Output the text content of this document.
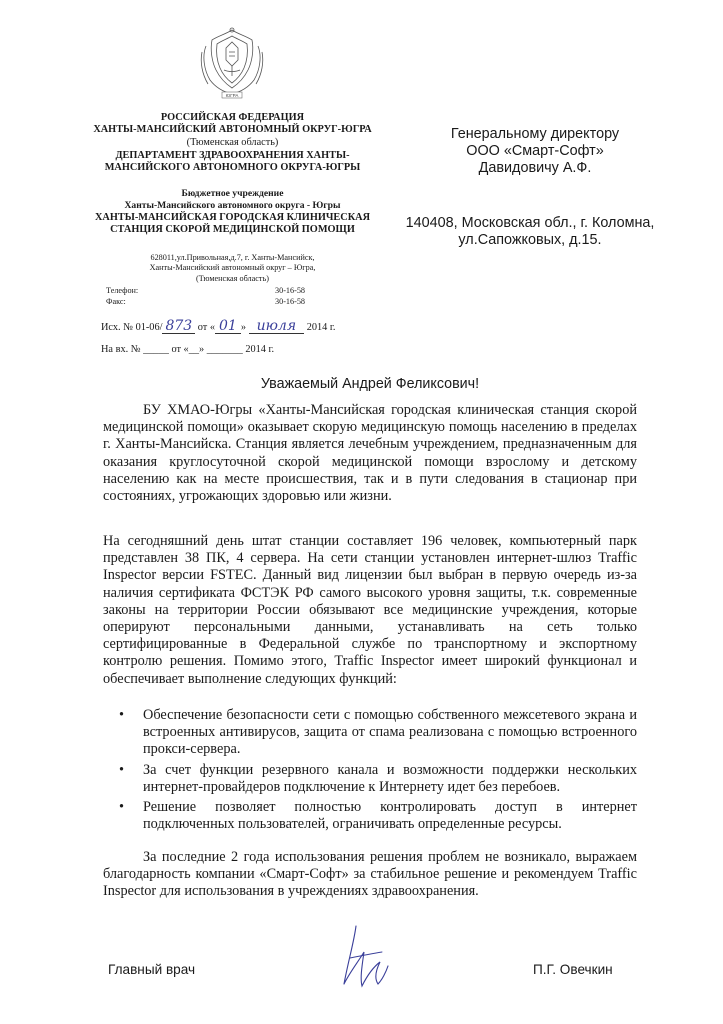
ЮГРА
РОССИЙСКАЯ ФЕДЕРАЦИЯ
ХАНТЫ-МАНСИЙСКИЙ АВТОНОМНЫЙ ОКРУГ-ЮГРА
(Тюменская область)
ДЕПАРТАМЕНТ ЗДРАВООХРАНЕНИЯ ХАНТЫ-
МАНСИЙСКОГО АВТОНОМНОГО ОКРУГА-ЮГРЫ
Бюджетное учреждение
Ханты-Мансийского автономного округа - Югры
ХАНТЫ-МАНСИЙСКАЯ ГОРОДСКАЯ КЛИНИЧЕСКАЯ
СТАНЦИЯ СКОРОЙ МЕДИЦИНСКОЙ ПОМОЩИ
628011,ул.Привольная,д.7, г. Ханты-Мансийск,
Ханты-Мансийский автономный округ – Югра,
(Тюменская область)
Телефон:	30-16-58
Факс:	30-16-58
Исх. № 01-06/ 873 от « 01 » июля 2014 г.
На вх. № _____ от «__» _______ 2014 г.
Генеральному директору
ООО «Смарт-Софт»
Давидовичу А.Ф.
140408, Московская обл., г. Коломна,
ул.Сапожковых, д.15.
Уважаемый Андрей Феликсович!
БУ ХМАО-Югры «Ханты-Мансийская городская клиническая станция скорой медицинской помощи» оказывает скорую медицинскую помощь населению в пределах г. Ханты-Мансийска. Станция является лечебным учреждением, предназначенным для оказания круглосуточной скорой медицинской помощи взрослому и детскому населению как на месте происшествия, так и в пути следования в стационар при состояниях, угрожающих здоровью или жизни.
На сегодняшний день штат станции составляет 196 человек, компьютерный парк представлен 38 ПК, 4 сервера. На сети станции установлен интернет-шлюз Traffic Inspector версии FSTEC. Данный вид лицензии был выбран в первую очередь из-за наличия сертификата ФСТЭК РФ самого высокого уровня защиты, т.к. современные законы на территории России обязывают все медицинские учреждения, которые оперируют персональными данными, устанавливать на сеть только сертифицированные в Федеральной службе по транспортному и экспортному контролю решения. Помимо этого, Traffic Inspector имеет широкий функционал и обеспечивает выполнение следующих функций:
• Обеспечение безопасности сети с помощью собственного межсетевого экрана и встроенных антивирусов, защита от спама реализована с помощью встроенного прокси-сервера.
• За счет функции резервного канала и возможности поддержки нескольких интернет-провайдеров подключение к Интернету идет без перебоев.
• Решение позволяет полностью контролировать доступ в интернет подключенных пользователей, ограничивать определенные ресурсы.
За последние 2 года использования решения проблем не возникало, выражаем благодарность компании «Смарт-Софт» за стабильное решение и рекомендуем Traffic Inspector для использования в учреждениях здравоохранения.
Главный врач	П.Г. Овечкин
